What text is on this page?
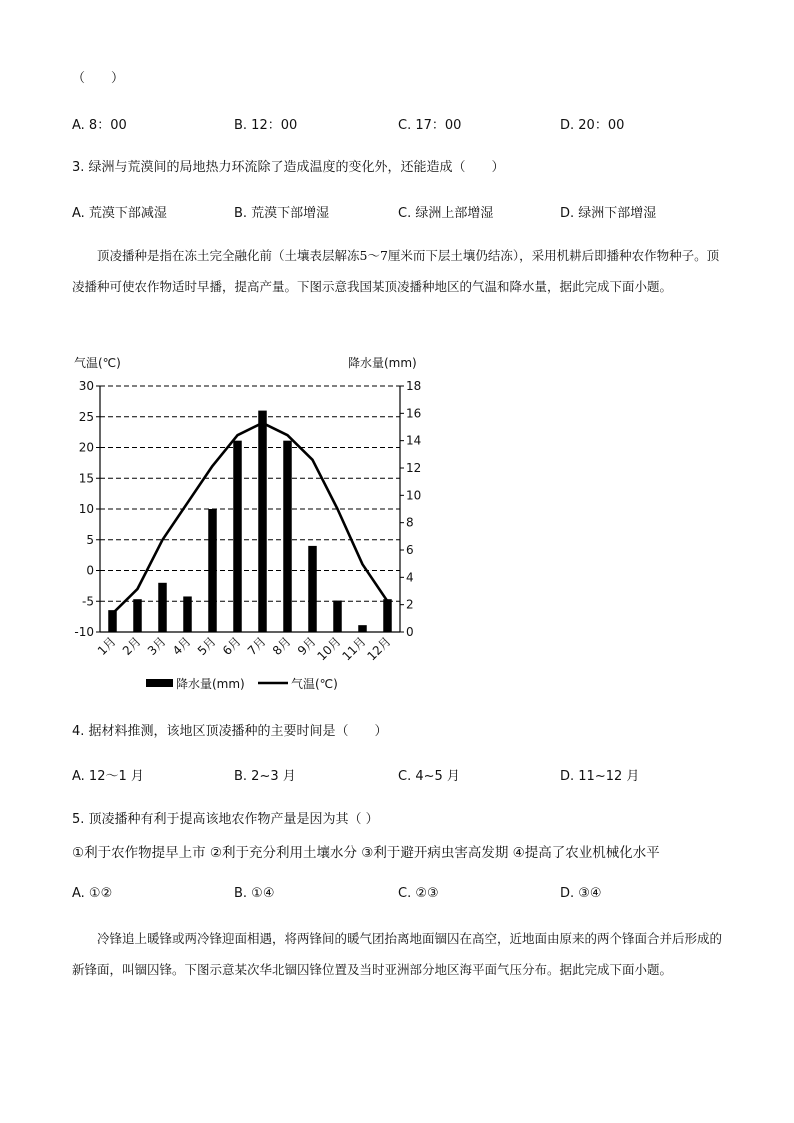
（　　）
A. 8：00	B. 12：00	C. 17：00	D. 20：00
3. 绿洲与荒漠间的局地热力环流除了造成温度的变化外，还能造成（　　）
A. 荒漠下部减湿	B. 荒漠下部增湿	C. 绿洲上部增湿	D. 绿洲下部增湿
顶凌播种是指在冻土完全融化前（土壤表层解冻5～7厘米而下层土壤仍结冻），采用机耕后即播种农作物种子。顶凌播种可使农作物适时早播，提高产量。下图示意我国某顶凌播种地区的气温和降水量，据此完成下面小题。
气温(℃)	降水量(mm)
30
25
20
15
10
5
0
-5
-10
18
16
14
12
10
8
6
4
2
0
1月 2月 3月 4月 5月 6月 7月 8月 9月
10月
11月
12月
降水量(mm)	气温(℃)
4. 据材料推测，该地区顶凌播种的主要时间是（　　）
A. 12～1 月	B. 2~3 月	C. 4~5 月	D. 11~12 月
5. 顶凌播种有利于提高该地农作物产量是因为其（ ）
①利于农作物提早上市 ②利于充分利用土壤水分 ③利于避开病虫害高发期 ④提高了农业机械化水平
A. ①②	B. ①④	C. ②③	D. ③④
冷锋追上暖锋或两冷锋迎面相遇，将两锋间的暖气团抬离地面锢囚在高空，近地面由原来的两个锋面合并后形成的新锋面，叫锢囚锋。下图示意某次华北锢囚锋位置及当时亚洲部分地区海平面气压分布。据此完成下面小题。
